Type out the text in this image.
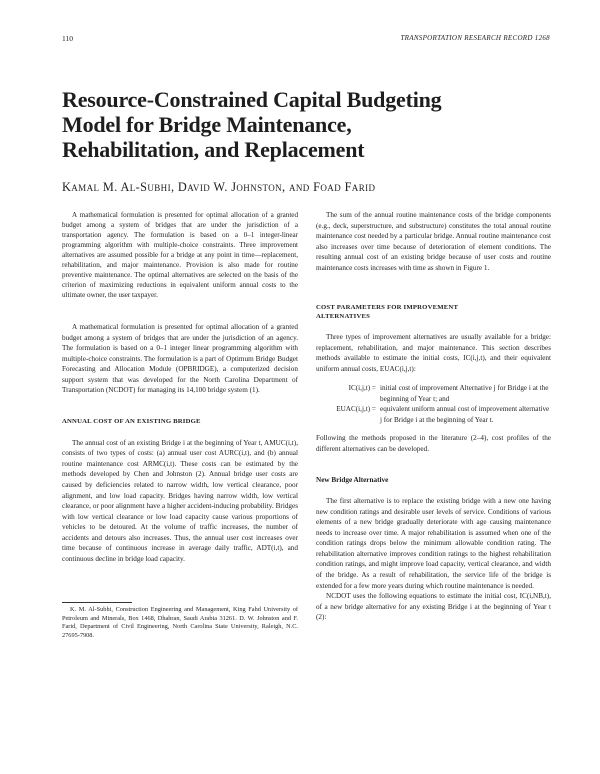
110	TRANSPORTATION RESEARCH RECORD 1268
Resource-Constrained Capital Budgeting
Model for Bridge Maintenance,
Rehabilitation, and Replacement
Kamal M. Al-Subhi, David W. Johnston, and Foad Farid

A mathematical formulation is presented for optimal allocation of a granted budget among a system of bridges that are under the jurisdiction of a transportation agency. The formulation is based on a 0–1 integer-linear programming algorithm with multiple-choice constraints. Three improvement alternatives are assumed possible for a bridge at any point in time—replacement, rehabilitation, and major maintenance. Provision is also made for routine preventive maintenance. The optimal alternatives are selected on the basis of the criterion of maximizing reductions in equivalent uniform annual costs to the ultimate owner, the user taxpayer.

A mathematical formulation is presented for optimal allocation of a granted budget among a system of bridges that are under the jurisdiction of an agency. The formulation is based on a 0–1 integer linear programming algorithm with multiple-choice constraints. The formulation is a part of Optimum Bridge Budget Forecasting and Allocation Module (OPBRIDGE), a computerized decision support system that was developed for the North Carolina Department of Transportation (NCDOT) for managing its 14,100 bridge system (1).

ANNUAL COST OF AN EXISTING BRIDGE

The annual cost of an existing Bridge i at the beginning of Year t, AMUC(i,t), consists of two types of costs: (a) annual user cost AURC(i,t), and (b) annual routine maintenance cost ARMC(i,t). These costs can be estimated by the methods developed by Chen and Johnston (2). Annual bridge user costs are caused by deficiencies related to narrow width, low vertical clearance, poor alignment, and low load capacity. Bridges having narrow width, low vertical clearance, or poor alignment have a higher accident-inducing probability. Bridges with low vertical clearance or low load capacity cause various proportions of vehicles to be detoured. At the volume of traffic increases, the number of accidents and detours also increases. Thus, the annual user cost increases over time because of continuous increase in average daily traffic, ADT(i,t), and continuous decline in bridge load capacity.

K. M. Al-Subhi, Construction Engineering and Management, King Fahd University of Petroleum and Minerals, Box 1468, Dhahran, Saudi Arabia 31261. D. W. Johnston and F. Farid, Department of Civil Engineering, North Carolina State University, Raleigh, N.C. 27695-7908.

The sum of the annual routine maintenance costs of the bridge components (e.g., deck, superstructure, and substructure) constitutes the total annual routine maintenance cost needed by a particular bridge. Annual routine maintenance cost also increases over time because of deterioration of element conditions. The resulting annual cost of an existing bridge because of user costs and routine maintenance costs increases with time as shown in Figure 1.

COST PARAMETERS FOR IMPROVEMENT
ALTERNATIVES

Three types of improvement alternatives are usually available for a bridge: replacement, rehabilitation, and major maintenance. This section describes methods available to estimate the initial costs, IC(i,j,t), and their equivalent uniform annual costs, EUAC(i,j,t):

IC(i,j,t) = initial cost of improvement Alternative j for Bridge i at the beginning of Year t; and
EUAC(i,j,t) = equivalent uniform annual cost of improvement alternative j for Bridge i at the beginning of Year t.

Following the methods proposed in the literature (2–4), cost profiles of the different alternatives can be developed.

New Bridge Alternative

The first alternative is to replace the existing bridge with a new one having new condition ratings and desirable user levels of service. Conditions of various elements of a new bridge gradually deteriorate with age causing maintenance needs to increase over time. A major rehabilitation is assumed when one of the condition ratings drops below the minimum allowable condition rating. The rehabilitation alternative improves condition ratings to the highest rehabilitation condition ratings, and might improve load capacity, vertical clearance, and width of the bridge. As a result of rehabilitation, the service life of the bridge is extended for a few more years during which routine maintenance is needed.

NCDOT uses the following equations to estimate the initial cost, IC(i,NB,t), of a new bridge alternative for any existing Bridge i at the beginning of Year t (2):
